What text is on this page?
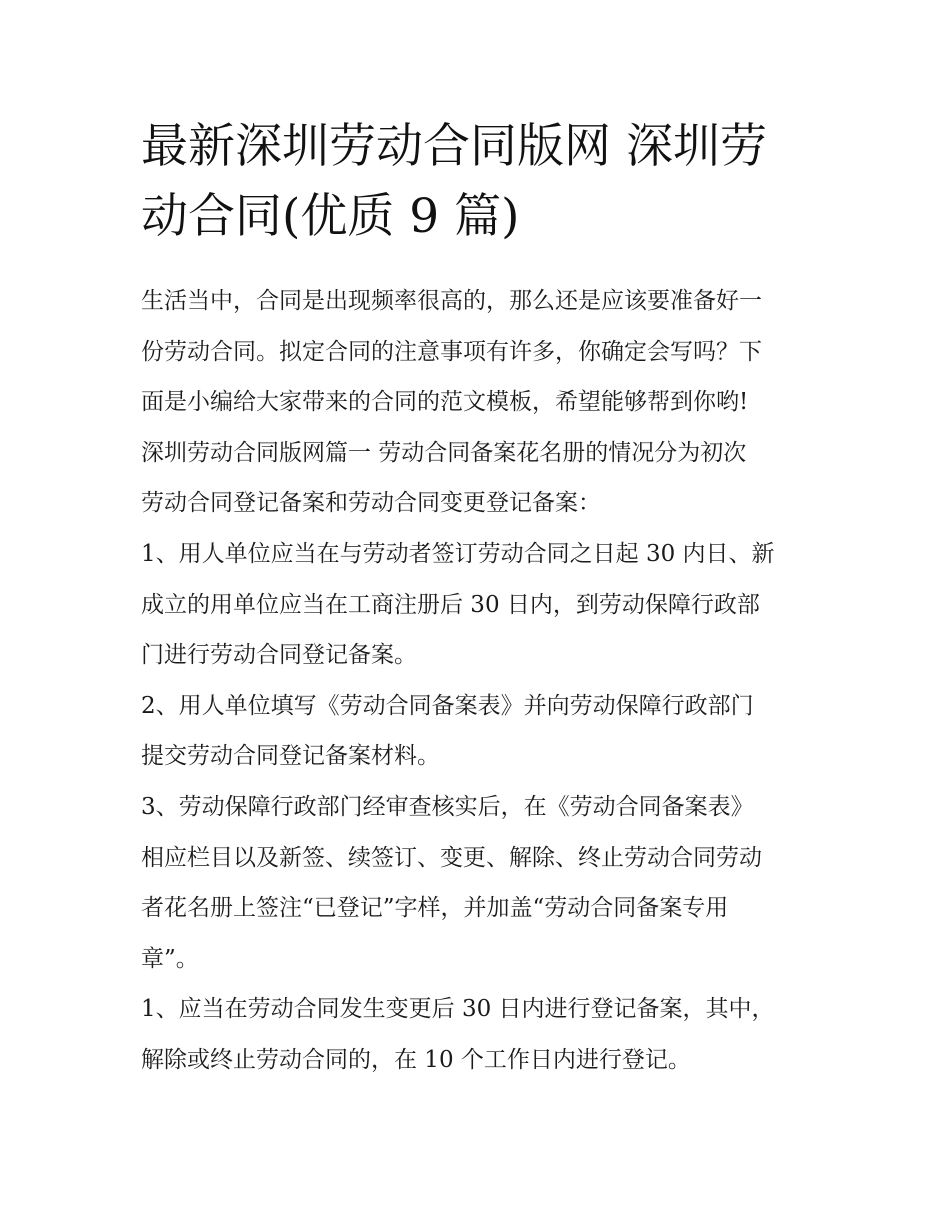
最新深圳劳动合同版网 深圳劳
动合同(优质 9 篇)
生活当中，合同是出现频率很高的，那么还是应该要准备好一
份劳动合同。拟定合同的注意事项有许多，你确定会写吗？下
面是小编给大家带来的合同的范文模板，希望能够帮到你哟!
深圳劳动合同版网篇一 劳动合同备案花名册的情况分为初次
劳动合同登记备案和劳动合同变更登记备案：
1、用人单位应当在与劳动者签订劳动合同之日起 30 内日、新
成立的用单位应当在工商注册后 30 日内，到劳动保障行政部
门进行劳动合同登记备案。
2、用人单位填写《劳动合同备案表》并向劳动保障行政部门
提交劳动合同登记备案材料。
3、劳动保障行政部门经审查核实后，在《劳动合同备案表》
相应栏目以及新签、续签订、变更、解除、终止劳动合同劳动
者花名册上签注“已登记”字样，并加盖“劳动合同备案专用
章”。
1、应当在劳动合同发生变更后 30 日内进行登记备案，其中，
解除或终止劳动合同的，在 10 个工作日内进行登记。
